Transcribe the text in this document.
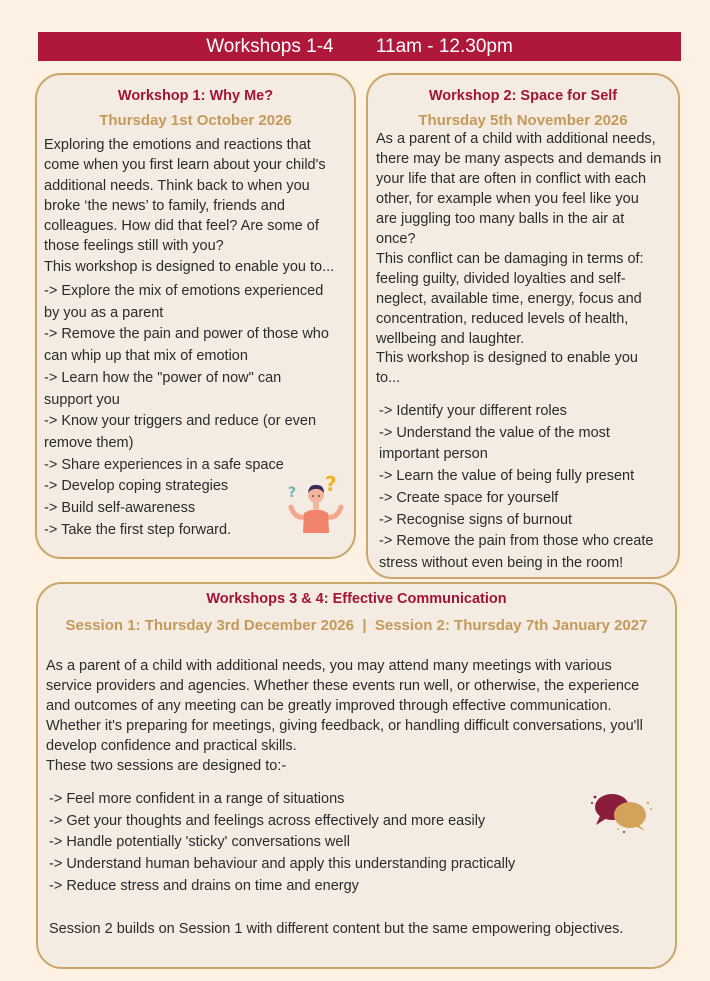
Workshops 1-4        11am - 12.30pm
Workshop 1: Why Me?
Thursday 1st October 2026
Exploring the emotions and reactions that
come when you first learn about your child's
additional needs. Think back to when you
broke ‘the news’ to family, friends and
colleagues. How did that feel? Are some of
those feelings still with you?
This workshop is designed to enable you to...
-> Explore the mix of emotions experienced
by you as a parent
-> Remove the pain and power of those who
can whip up that mix of emotion
-> Learn how the "power of now" can
support you
-> Know your triggers and reduce (or even
remove them)
-> Share experiences in a safe space
-> Develop coping strategies
-> Build self-awareness
-> Take the first step forward.
?
?
Workshop 2: Space for Self
Thursday 5th November 2026
As a parent of a child with additional needs,
there may be many aspects and demands in
your life that are often in conflict with each
other, for example when you feel like you
are juggling too many balls in the air at
once?
This conflict can be damaging in terms of:
feeling guilty, divided loyalties and self-
neglect, available time, energy, focus and
concentration, reduced levels of health,
wellbeing and laughter.
This workshop is designed to enable you
to...
-> Identify your different roles
-> Understand the value of the most
important person
-> Learn the value of being fully present
-> Create space for yourself
-> Recognise signs of burnout
-> Remove the pain from those who create
stress without even being in the room!
Workshops 3 & 4: Effective Communication
Session 1: Thursday 3rd December 2026  |  Session 2: Thursday 7th January 2027
As a parent of a child with additional needs, you may attend many meetings with various
service providers and agencies. Whether these events run well, or otherwise, the experience
and outcomes of any meeting can be greatly improved through effective communication.
Whether it's preparing for meetings, giving feedback, or handling difficult conversations, you'll
develop confidence and practical skills.
These two sessions are designed to:-
-> Feel more confident in a range of situations
-> Get your thoughts and feelings across effectively and more easily
-> Handle potentially 'sticky' conversations well
-> Understand human behaviour and apply this understanding practically
-> Reduce stress and drains on time and energy
Session 2 builds on Session 1 with different content but the same empowering objectives.
